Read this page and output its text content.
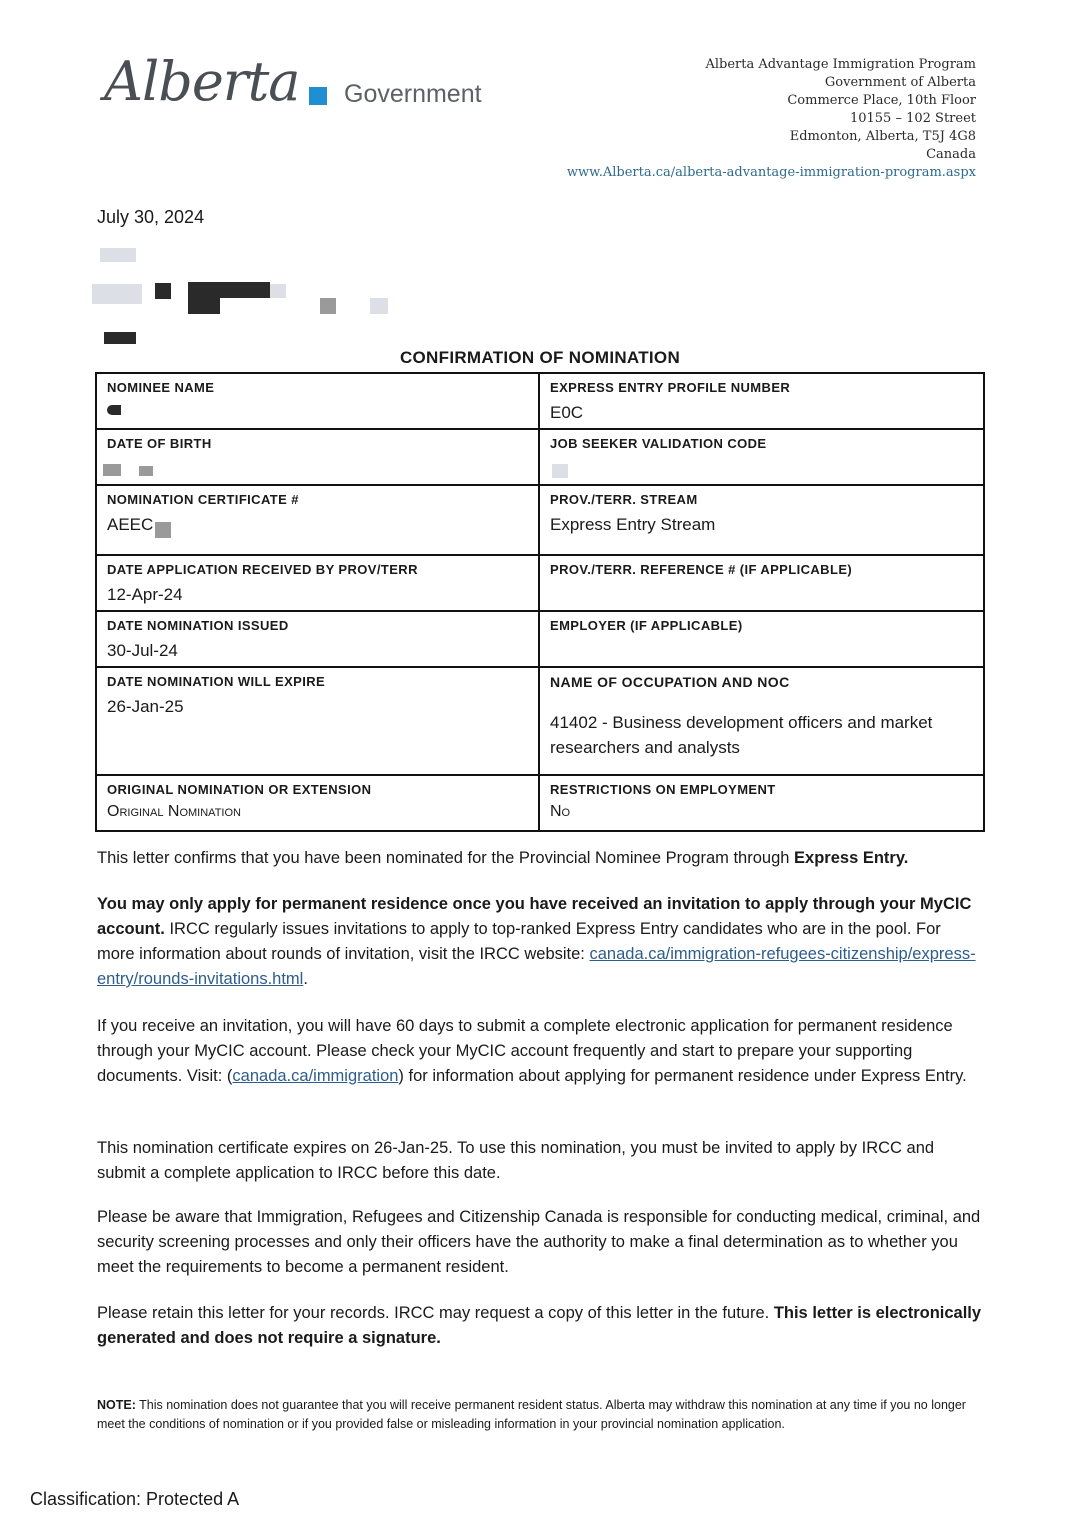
Alberta Government
Alberta Advantage Immigration Program
Government of Alberta
Commerce Place, 10th Floor
10155 – 102 Street
Edmonton, Alberta, T5J 4G8
Canada
www.Alberta.ca/alberta-advantage-immigration-program.aspx
July 30, 2024
CONFIRMATION OF NOMINATION
NOMINEE NAME	EXPRESS ENTRY PROFILE NUMBER
E0C
DATE OF BIRTH	JOB SEEKER VALIDATION CODE
NOMINATION CERTIFICATE #
AEEC
PROV./TERR. STREAM
Express Entry Stream
DATE APPLICATION RECEIVED BY PROV/TERR
12-Apr-24
PROV./TERR. REFERENCE # (IF APPLICABLE)
DATE NOMINATION ISSUED
30-Jul-24
EMPLOYER (IF APPLICABLE)
DATE NOMINATION WILL EXPIRE
26-Jan-25
NAME OF OCCUPATION AND NOC
41402 - Business development officers and market researchers and analysts
ORIGINAL NOMINATION OR EXTENSION
Original Nomination
RESTRICTIONS ON EMPLOYMENT
No
This letter confirms that you have been nominated for the Provincial Nominee Program through Express Entry.
You may only apply for permanent residence once you have received an invitation to apply through your MyCIC account. IRCC regularly issues invitations to apply to top-ranked Express Entry candidates who are in the pool. For more information about rounds of invitation, visit the IRCC website: canada.ca/immigration-refugees-citizenship/express-entry/rounds-invitations.html.
If you receive an invitation, you will have 60 days to submit a complete electronic application for permanent residence through your MyCIC account. Please check your MyCIC account frequently and start to prepare your supporting documents. Visit: (canada.ca/immigration) for information about applying for permanent residence under Express Entry.
This nomination certificate expires on 26-Jan-25. To use this nomination, you must be invited to apply by IRCC and submit a complete application to IRCC before this date.
Please be aware that Immigration, Refugees and Citizenship Canada is responsible for conducting medical, criminal, and security screening processes and only their officers have the authority to make a final determination as to whether you meet the requirements to become a permanent resident.
Please retain this letter for your records. IRCC may request a copy of this letter in the future. This letter is electronically generated and does not require a signature.
NOTE: This nomination does not guarantee that you will receive permanent resident status. Alberta may withdraw this nomination at any time if you no longer meet the conditions of nomination or if you provided false or misleading information in your provincial nomination application.
Classification: Protected A
